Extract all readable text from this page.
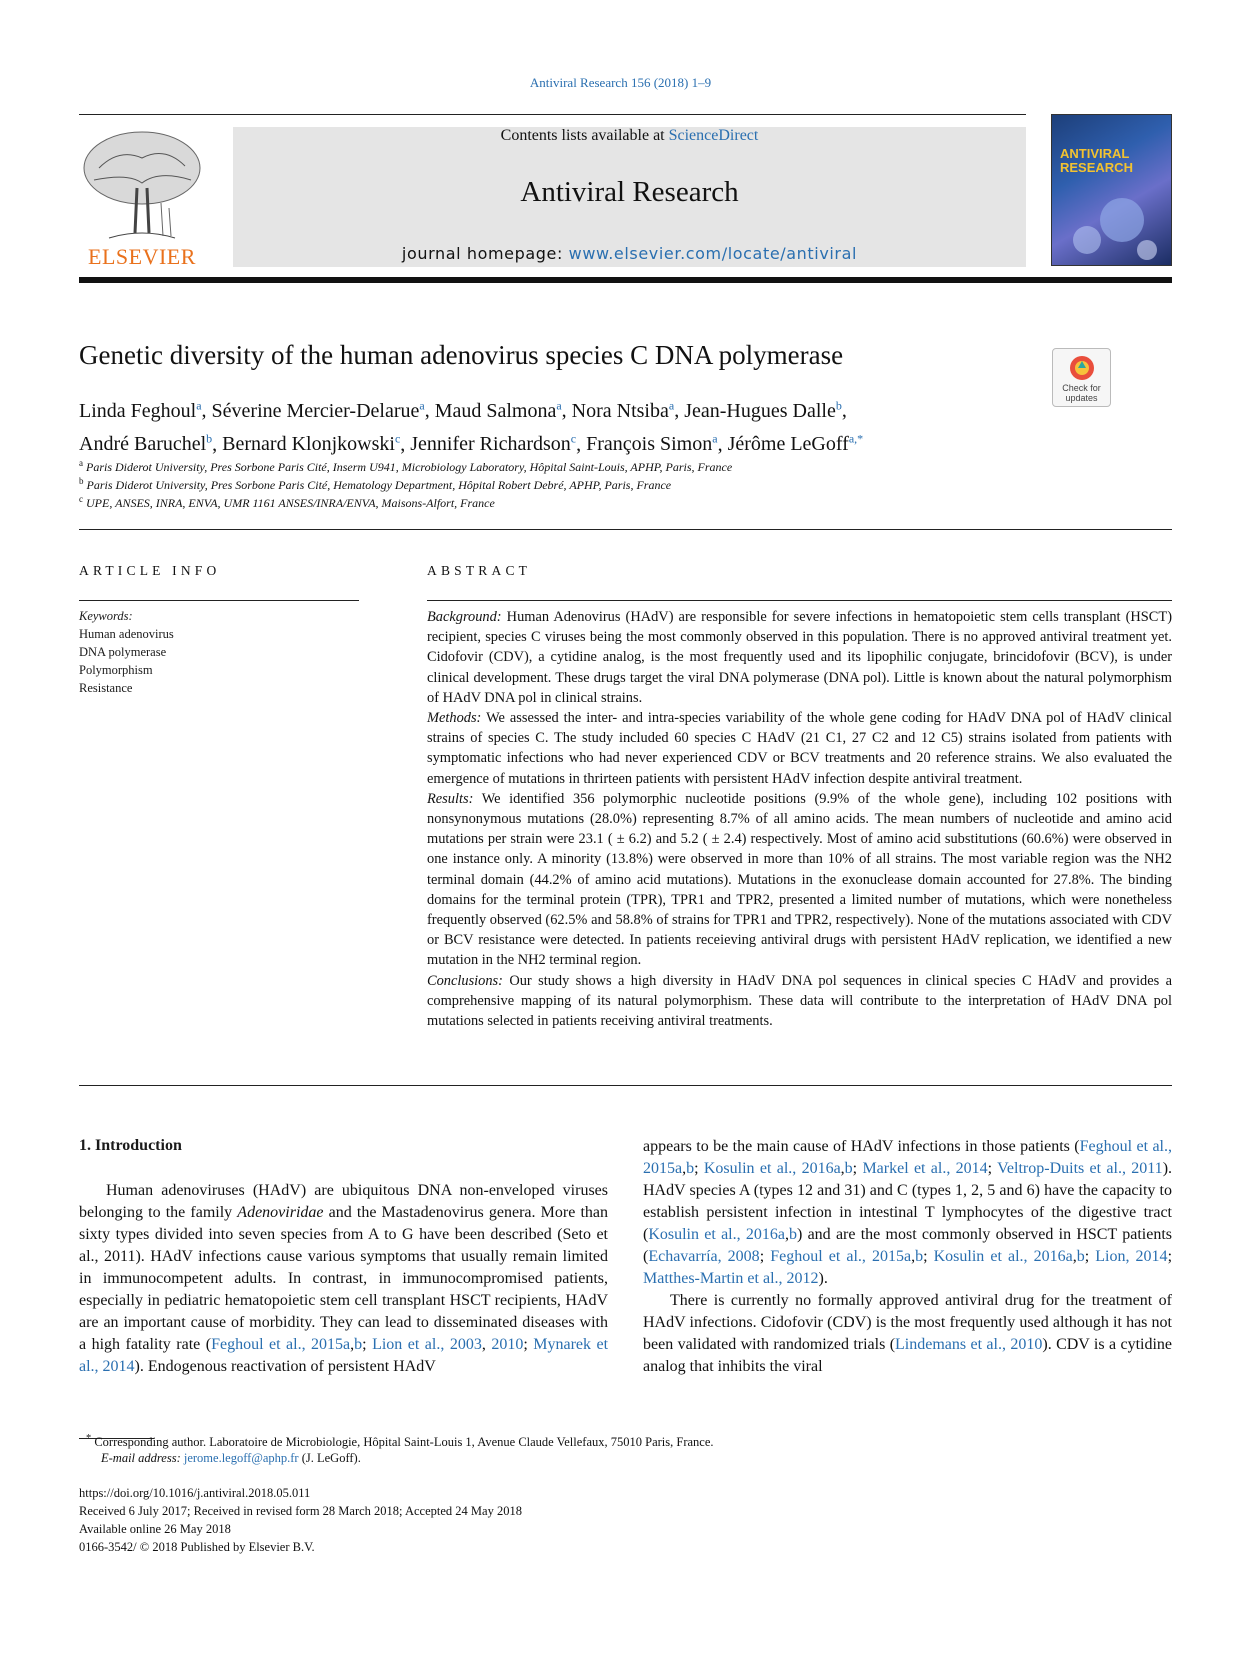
Antiviral Research 156 (2018) 1–9
ELSEVIER
Contents lists available at ScienceDirect
Antiviral Research
journal homepage: www.elsevier.com/locate/antiviral
ANTIVIRAL RESEARCH
Genetic diversity of the human adenovirus species C DNA polymerase
Check for updates
Linda Feghoul$^a$, Séverine Mercier-Delarue$^a$, Maud Salmona$^a$, Nora Ntsiba$^a$, Jean-Hugues Dalle$^b$,
André Baruchel$^b$, Bernard Klonjkowski$^c$, Jennifer Richardson$^c$, François Simon$^a$, Jérôme LeGoff$^{a,*}$
$^a$ Paris Diderot University, Pres Sorbone Paris Cité, Inserm U941, Microbiology Laboratory, Hôpital Saint-Louis, APHP, Paris, France
$^b$ Paris Diderot University, Pres Sorbone Paris Cité, Hematology Department, Hôpital Robert Debré, APHP, Paris, France
$^c$ UPE, ANSES, INRA, ENVA, UMR 1161 ANSES/INRA/ENVA, Maisons-Alfort, France
ARTICLE INFO
Keywords:
Human adenovirus
DNA polymerase
Polymorphism
Resistance
ABSTRACT

Background: Human Adenovirus (HAdV) are responsible for severe infections in hematopoietic stem cells transplant (HSCT) recipient, species C viruses being the most commonly observed in this population. There is no approved antiviral treatment yet. Cidofovir (CDV), a cytidine analog, is the most frequently used and its lipophilic conjugate, brincidofovir (BCV), is under clinical development. These drugs target the viral DNA polymerase (DNA pol). Little is known about the natural polymorphism of HAdV DNA pol in clinical strains.

Methods: We assessed the inter- and intra-species variability of the whole gene coding for HAdV DNA pol of HAdV clinical strains of species C. The study included 60 species C HAdV (21 C1, 27 C2 and 12 C5) strains isolated from patients with symptomatic infections who had never experienced CDV or BCV treatments and 20 reference strains. We also evaluated the emergence of mutations in thrirteen patients with persistent HAdV infection despite antiviral treatment.

Results: We identified 356 polymorphic nucleotide positions (9.9% of the whole gene), including 102 positions with nonsynonymous mutations (28.0%) representing 8.7% of all amino acids. The mean numbers of nucleotide and amino acid mutations per strain were 23.1 ( ± 6.2) and 5.2 ( ± 2.4) respectively. Most of amino acid substitutions (60.6%) were observed in one instance only. A minority (13.8%) were observed in more than 10% of all strains. The most variable region was the NH2 terminal domain (44.2% of amino acid mutations). Mutations in the exonuclease domain accounted for 27.8%. The binding domains for the terminal protein (TPR), TPR1 and TPR2, presented a limited number of mutations, which were nonetheless frequently observed (62.5% and 58.8% of strains for TPR1 and TPR2, respectively). None of the mutations associated with CDV or BCV resistance were detected. In patients receieving antiviral drugs with persistent HAdV replication, we identified a new mutation in the NH2 terminal region.

Conclusions: Our study shows a high diversity in HAdV DNA pol sequences in clinical species C HAdV and provides a comprehensive mapping of its natural polymorphism. These data will contribute to the interpretation of HAdV DNA pol mutations selected in patients receiving antiviral treatments.

1. Introduction

Human adenoviruses (HAdV) are ubiquitous DNA non-enveloped viruses belonging to the family Adenoviridae and the Mastadenovirus genera. More than sixty types divided into seven species from A to G have been described (Seto et al., 2011). HAdV infections cause various symptoms that usually remain limited in immunocompetent adults. In contrast, in immunocompromised patients, especially in pediatric hematopoietic stem cell transplant HSCT recipients, HAdV are an important cause of morbidity. They can lead to disseminated diseases with a high fatality rate (Feghoul et al., 2015a,b; Lion et al., 2003, 2010; Mynarek et al., 2014). Endogenous reactivation of persistent HAdV

appears to be the main cause of HAdV infections in those patients (Feghoul et al., 2015a,b; Kosulin et al., 2016a,b; Markel et al., 2014; Veltrop-Duits et al., 2011). HAdV species A (types 12 and 31) and C (types 1, 2, 5 and 6) have the capacity to establish persistent infection in intestinal T lymphocytes of the digestive tract (Kosulin et al., 2016a,b) and are the most commonly observed in HSCT patients (Echavarría, 2008; Feghoul et al., 2015a,b; Kosulin et al., 2016a,b; Lion, 2014; Matthes-Martin et al., 2012).

There is currently no formally approved antiviral drug for the treatment of HAdV infections. Cidofovir (CDV) is the most frequently used although it has not been validated with randomized trials (Lindemans et al., 2010). CDV is a cytidine analog that inhibits the viral

* Corresponding author. Laboratoire de Microbiologie, Hôpital Saint-Louis 1, Avenue Claude Vellefaux, 75010 Paris, France.
E-mail address: jerome.legoff@aphp.fr (J. LeGoff).
https://doi.org/10.1016/j.antiviral.2018.05.011
Received 6 July 2017; Received in revised form 28 March 2018; Accepted 24 May 2018
Available online 26 May 2018
0166-3542/ © 2018 Published by Elsevier B.V.
